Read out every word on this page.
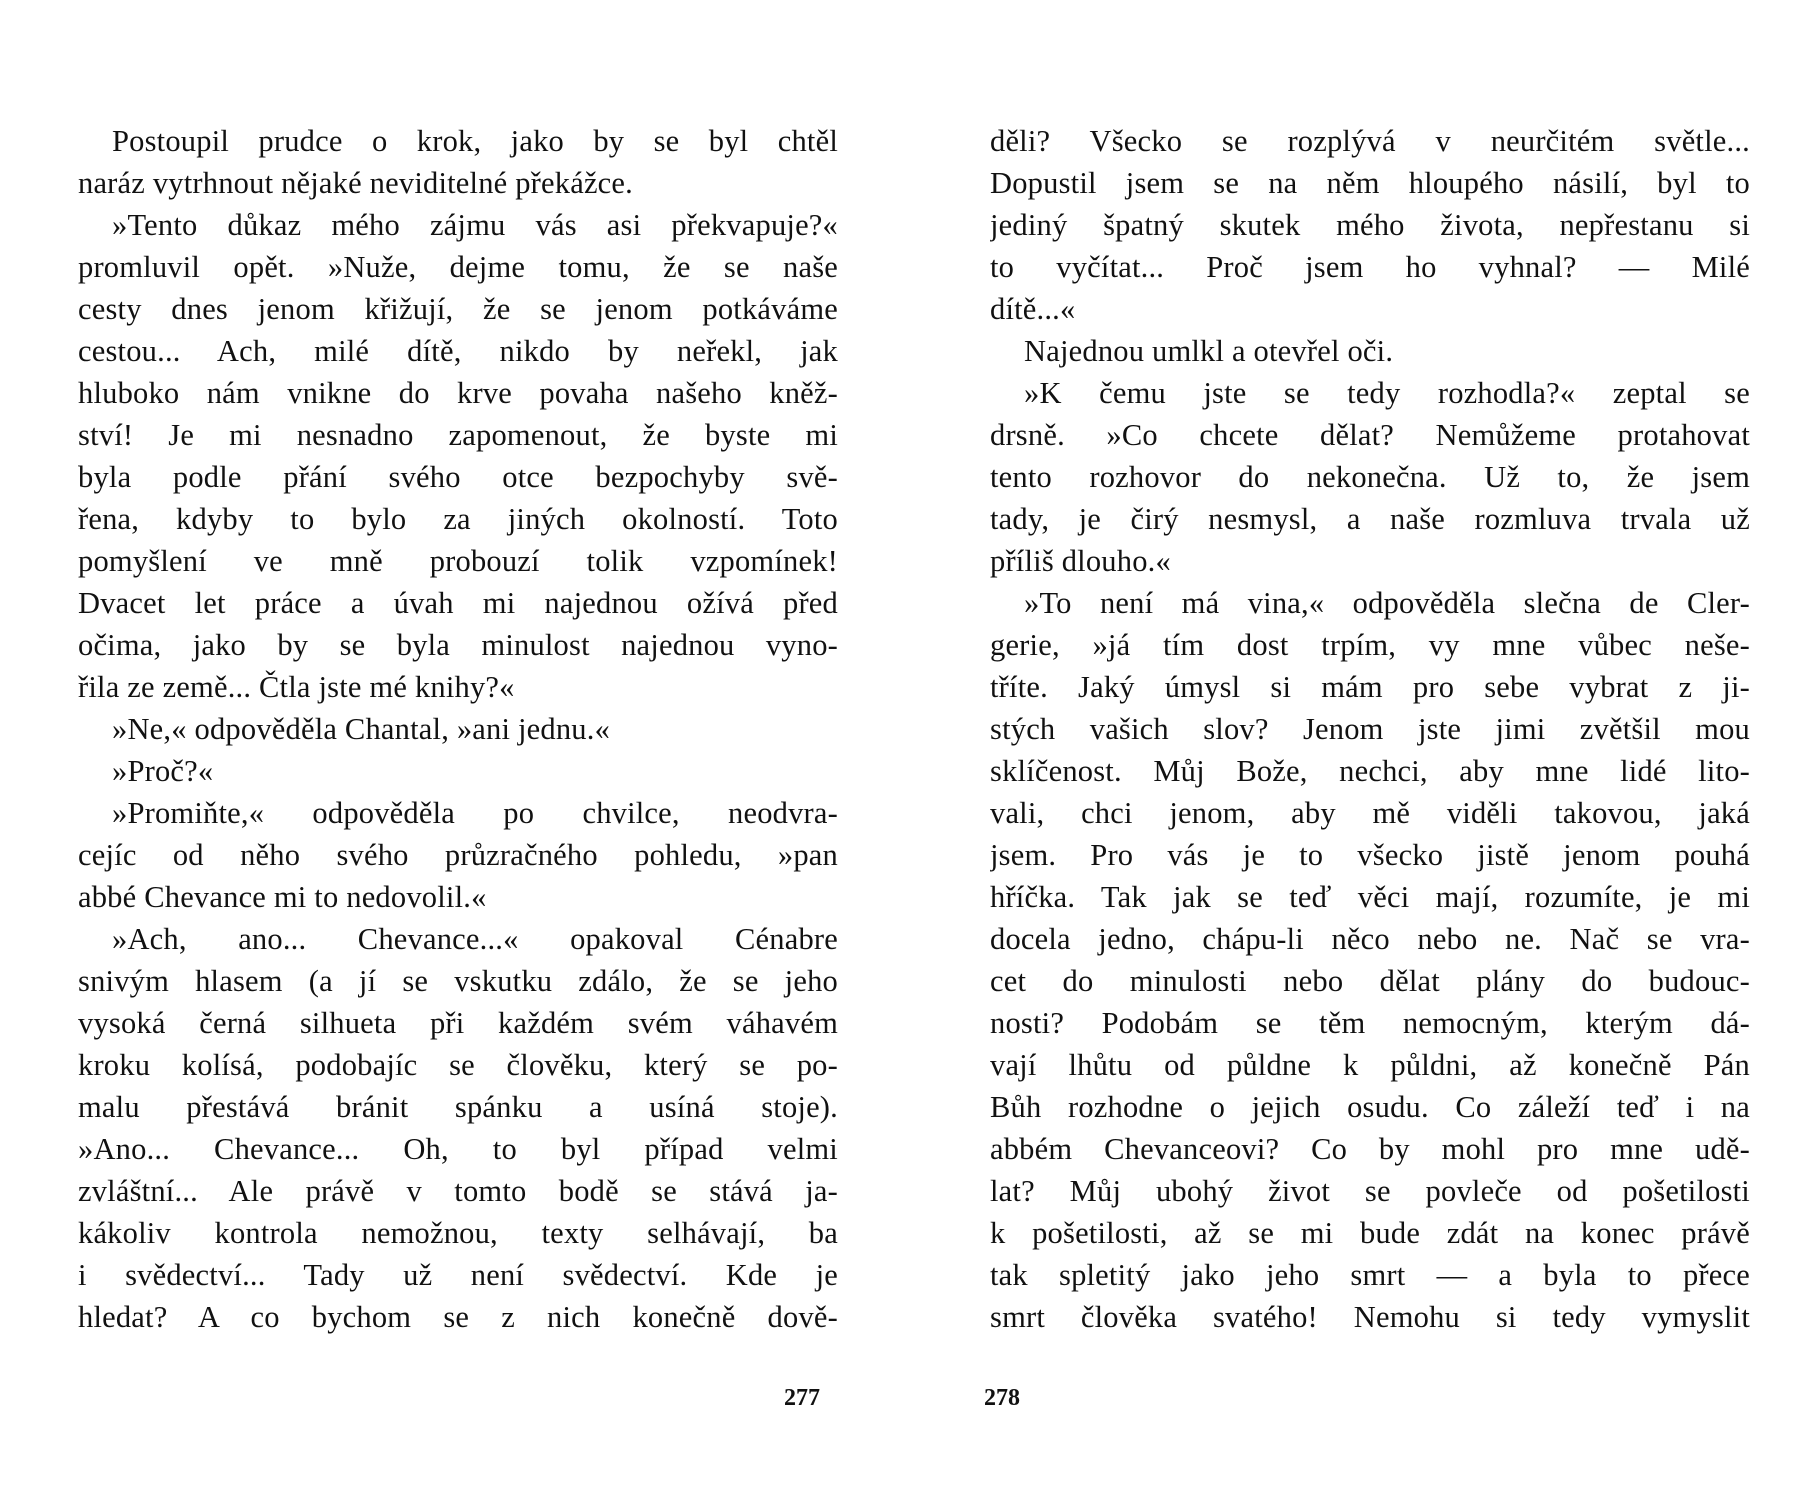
Postoupil prudce o krok, jako by se byl chtěl
naráz vytrhnout nějaké neviditelné překážce.
»Tento důkaz mého zájmu vás asi překvapuje?«
promluvil opět. »Nuže, dejme tomu, že se naše
cesty dnes jenom křižují, že se jenom potkáváme
cestou... Ach, milé dítě, nikdo by neřekl, jak
hluboko nám vnikne do krve povaha našeho kněž-
ství! Je mi nesnadno zapomenout, že byste mi
byla podle přání svého otce bezpochyby svě-
řena, kdyby to bylo za jiných okolností. Toto
pomyšlení ve mně probouzí tolik vzpomínek!
Dvacet let práce a úvah mi najednou ožívá před
očima, jako by se byla minulost najednou vyno-
řila ze země... Čtla jste mé knihy?«
»Ne,« odpověděla Chantal, »ani jednu.«
»Proč?«
»Promiňte,« odpověděla po chvilce, neodvra-
cejíc od něho svého průzračného pohledu, »pan
abbé Chevance mi to nedovolil.«
»Ach, ano... Chevance...« opakoval Cénabre
snivým hlasem (a jí se vskutku zdálo, že se jeho
vysoká černá silhueta při každém svém váhavém
kroku kolísá, podobajíc se člověku, který se po-
malu přestává bránit spánku a usíná stoje).
»Ano... Chevance... Oh, to byl případ velmi
zvláštní... Ale právě v tomto bodě se stává ja-
kákoliv kontrola nemožnou, texty selhávají, ba
i svědectví... Tady už není svědectví. Kde je
hledat? A co bychom se z nich konečně dově-
277
děli? Všecko se rozplývá v neurčitém světle...
Dopustil jsem se na něm hloupého násilí, byl to
jediný špatný skutek mého života, nepřestanu si
to vyčítat... Proč jsem ho vyhnal? — Milé
dítě...«
Najednou umlkl a otevřel oči.
»K čemu jste se tedy rozhodla?« zeptal se
drsně. »Co chcete dělat? Nemůžeme protahovat
tento rozhovor do nekonečna. Už to, že jsem
tady, je čirý nesmysl, a naše rozmluva trvala už
příliš dlouho.«
»To není má vina,« odpověděla slečna de Cler-
gerie, »já tím dost trpím, vy mne vůbec neše-
tříte. Jaký úmysl si mám pro sebe vybrat z ji-
stých vašich slov? Jenom jste jimi zvětšil mou
sklíčenost. Můj Bože, nechci, aby mne lidé lito-
vali, chci jenom, aby mě viděli takovou, jaká
jsem. Pro vás je to všecko jistě jenom pouhá
hříčka. Tak jak se teď věci mají, rozumíte, je mi
docela jedno, chápu-li něco nebo ne. Nač se vra-
cet do minulosti nebo dělat plány do budouc-
nosti? Podobám se těm nemocným, kterým dá-
vají lhůtu od půldne k půldni, až konečně Pán
Bůh rozhodne o jejich osudu. Co záleží teď i na
abbém Chevanceovi? Co by mohl pro mne udě-
lat? Můj ubohý život se povleče od pošetilosti
k pošetilosti, až se mi bude zdát na konec právě
tak spletitý jako jeho smrt — a byla to přece
smrt člověka svatého! Nemohu si tedy vymyslit
278
